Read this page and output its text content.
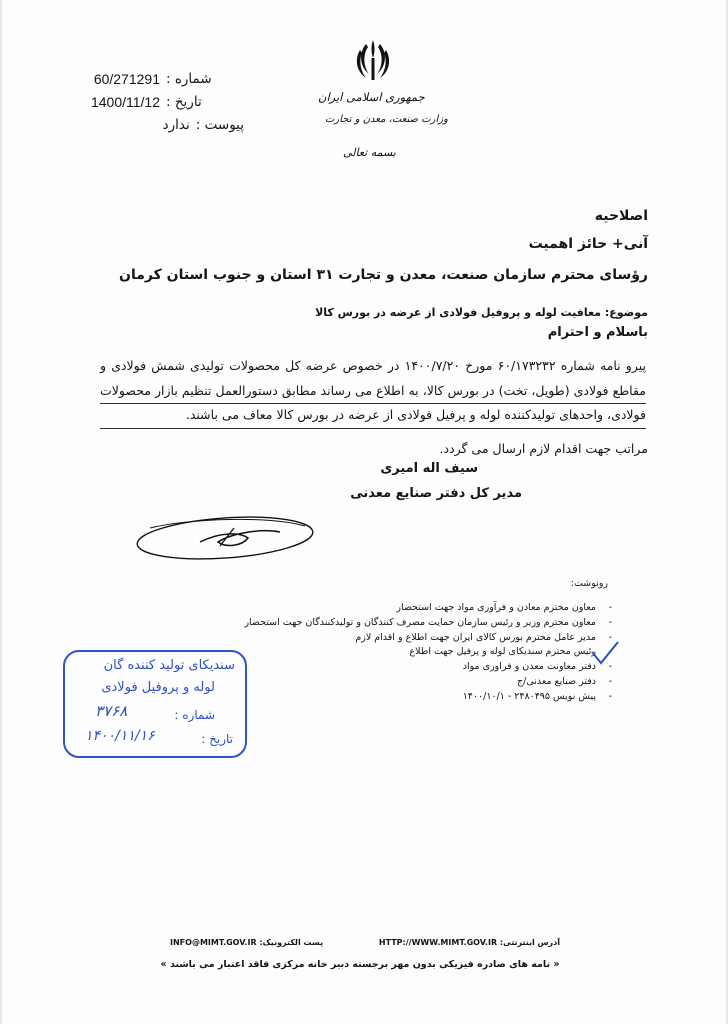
60/271291 شماره :
1400/11/12 تاریخ :
ندارد پیوست :
جمهوری اسلامی ایران
وزارت صنعت، معدن و تجارت
بسمه تعالی
اصلاحیه
آنی+ حائز اهمیت
رؤسای محترم سازمان صنعت، معدن و تجارت ۳۱ استان و جنوب استان کرمان
موضوع: معافیت لوله و پروفیل فولادی از عرضه در بورس کالا
باسلام و احترام
پیرو نامه شماره ۶۰/۱۷۳۲۳۲ مورخ ۱۴۰۰/۷/۲۰ در خصوص عرضه کل محصولات تولیدی شمش فولادی و مقاطع فولادی (طویل، تخت) در بورس کالا، به اطلاع می رساند مطابق دستورالعمل تنظیم بازار محصولات فولادی، واحدهای تولیدکننده لوله و پرفیل فولادی از عرضه در بورس کالا معاف می باشند.
مراتب جهت اقدام لازم ارسال می گردد.
سیف اله امیری
مدیر کل دفتر صنایع معدنی
رونوشت:
- معاون محترم معادن و فرآوری مواد جهت استحضار
- معاون محترم وزیر و رئیس سازمان حمایت مصرف کنندگان و تولیدکنندگان جهت استحضار
- مدیر عامل محترم بورس کالای ایران جهت اطلاع و اقدام لازم
- رئیس محترم سندیکای لوله و پرفیل جهت اطلاع
- دفتر معاونت معدن و فراوری مواد
- دفتر صنایع معدنی/ج
- پیش نویس ۲۴۸۰۴۹۵ - ۱۴۰۰/۱۰/۱
سندیکای تولید کننده گان
لوله و پروفیل فولادی
شماره :
۳۷۶۸
تاریخ :
۱۴۰۰/۱۱/۱۶
آدرس اینترنتی: HTTP://WWW.MIMT.GOV.IR
پست الکترونیک: INFO@MIMT.GOV.IR
« نامه های صادره فیزیکی بدون مهر برجسته دبیر خانه مرکزی فاقد اعتبار می باشند »
